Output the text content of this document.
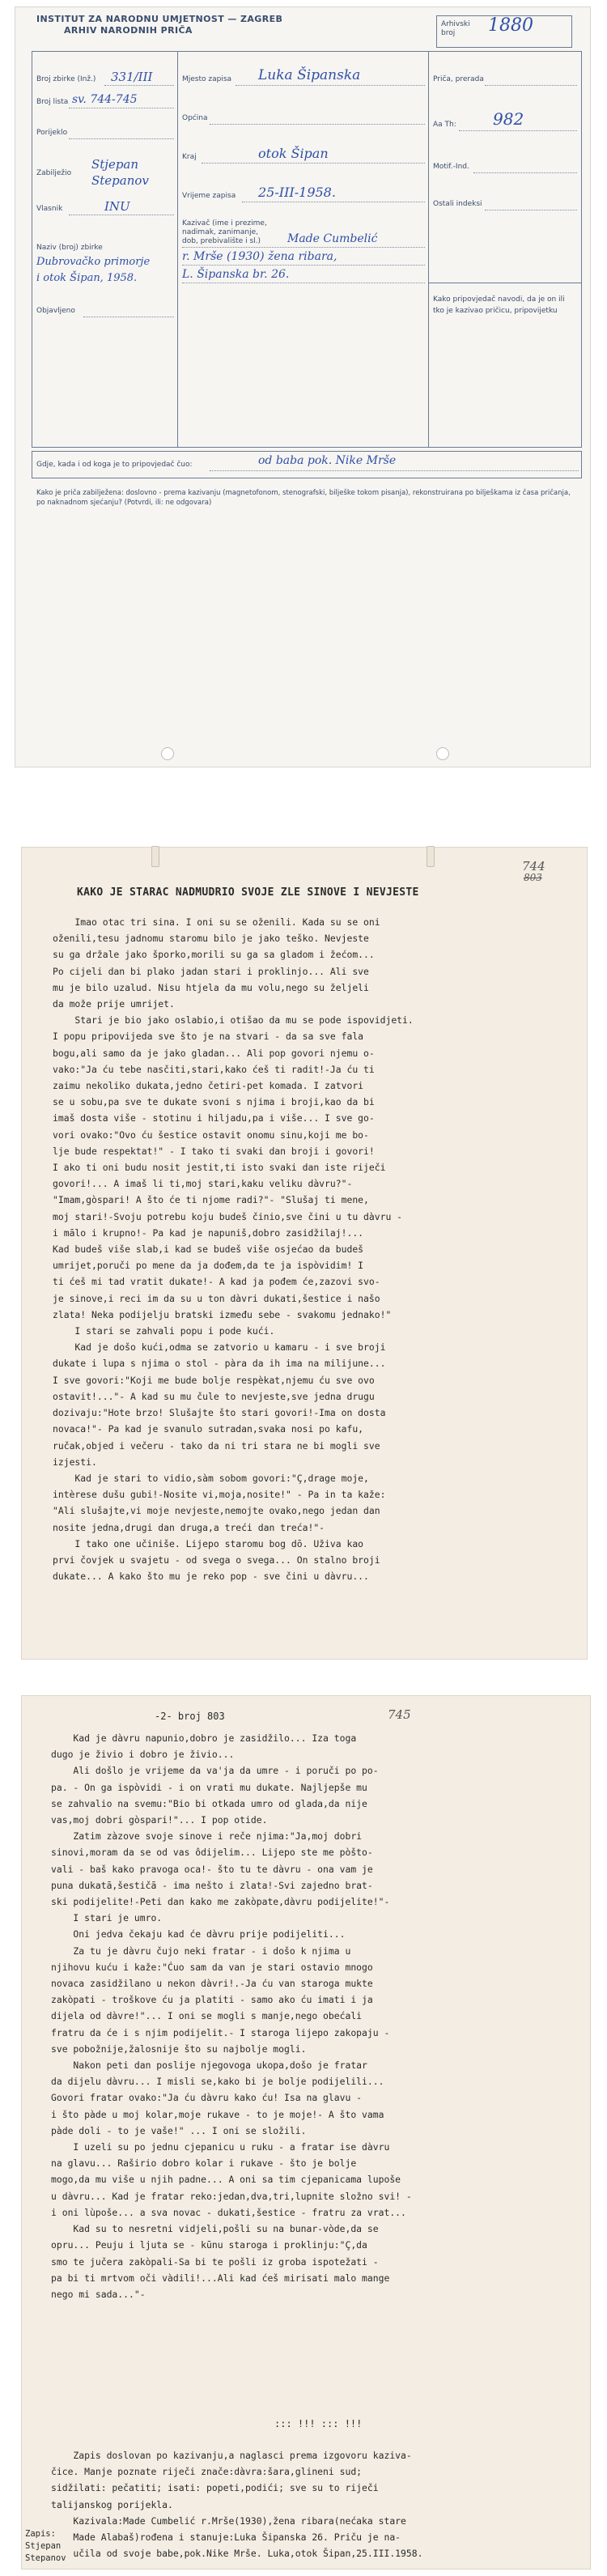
INSTITUT ZA NARODNU UMJETNOST — ZAGREB
ARHIV NARODNIH PRIČA
Arhivski broj	1880
Broj zbirke (Inž.) 331/III
Broj lista sv. 744-745
Porijeklo
Zabilježio
Stjepan
Stepanov
Vlasnik	INU
Naziv (broj) zbirke
Dubrovačko primorje
i otok Šipan, 1958.
Objavljeno
Mjesto zapisa Luka Šipanska
Općina
Kraj	otok Šipan
Vrijeme zapisa 25-III-1958.
Kazivač (ime i prezime, nadimak, zanimanje, dob, prebivalište i sl.)	Made Cumbelić
r. Mrše (1930) žena ribara,
L. Šipanska br. 26.
Priča, prerada
Aa Th: 982
Motif.-Ind.
Ostali indeksi
Kako pripovjedač navodi, da je on ili tko je kazivao pričicu, pripovijetku
Gdje, kada i od koga je to pripovjedač čuo:	od baba pok. Nike Mrše
Kako je priča zabilježena: doslovno - prema kazivanju (magnetofonom, stenografski, bilješke tokom pisanja), rekonstruirana po bilješkama iz časa pričanja, po naknadnom sjećanju? (Potvrdi, ili: ne odgovara)
744
803
KAKO JE STARAC NADMUDRIO SVOJE ZLE SINOVE I NEVJESTE
Imao otac tri sina. I oni su se oženili. Kada su se oni
oženili,tesu jadnomu staromu bilo je jako teško. Nevjeste
su ga držale jako šporko,morili su ga sa gladom i žećom...
Po cijeli dan bi plako jadan stari i proklinjo... Ali sve
mu je bilo uzalud. Nisu htjela da mu volu,nego su željeli
da može prije umrijet.
Stari je bio jako oslabio,i otišao da mu se pode ispovidjeti.
I popu pripovijeda sve što je na stvari - da sa sve fala
bogu,ali samo da je jako gladan... Ali pop govori njemu o-
vako:"Ja ću tebe nasčiti,stari,kako ćeš ti radit!-Ja ću ti
zaimu nekoliko dukata,jedno četiri-pet komada. I zatvori
se u sobu,pa sve te dukate svoni s njima i broji,kao da bi
imaš dosta više - stotinu i hiljadu,pa i više... I sve go-
vori ovako:"Ovo ću šestice ostavit onomu sinu,koji me bo-
lje bude respektat!" - I tako ti svaki dan broji i govori!
I ako ti oni budu nosit jestit,ti isto svaki dan iste riječi
govori!... A imaš li ti,moj stari,kaku veliku dàvru?"-
"Imam,gòspari! A što će ti njome radi?"- "Slušaj ti mene,
moj stari!-Svoju potrebu koju budeš činio,sve čini u tu dàvru -
i mālo i krupno!- Pa kad je napuniš,dobro zasidžilaj!...
Kad budeš više slab,i kad se budeš više osjećao da budeš
umrijet,poruči po mene da ja dođem,da te ja ispòvidim! I
ti ćeš mi tad vratit dukate!- A kad ja pođem će,zazovi svo-
je sinove,i reci im da su u ton dàvri dukati,šestice i našo
zlata! Neka podijelju bratski između sebe - svakomu jednako!"
I stari se zahvali popu i pode kući.
Kad je došo kući,odma se zatvorio u kamaru - i sve broji
dukate i lupa s njima o stol - pàra da ih ima na milijune...
I sve govori:"Koji me bude bolje respèkat,njemu ću sve ovo
ostavit!..."- A kad su mu čule to nevjeste,sve jedna drugu
dozivaju:"Hote brzo! Slušajte što stari govori!-Ima on dosta
novaca!"- Pa kad je svanulo sutradan,svaka nosi po kafu,
ručak,objed i večeru - tako da ni tri stara ne bi mogli sve
izjesti.
Kad je stari to vidio,sàm sobom govori:"Ç,drage moje,
intèrese dušu gubi!-Nosite vi,moja,nosite!" - Pa in ta kaže:
"Ali slušajte,vi moje nevjeste,nemojte ovako,nego jedan dan
nosite jedna,drugi dan druga,a treći dan treća!"-
I tako one učiniše. Lijepo staromu bog dō. Uživa kao
prvi čovjek u svajetu - od svega o svega... On stalno broji
dukate... A kako što mu je reko pop - sve čini u dàvru...
-2- broj 803	745
Kad je dàvru napunio,dobro je zasidžilo... Iza toga
dugo je živio i dobro je živio...
Ali došlo je vrijeme da va'ja da umre - i poruči po po-
pa. - On ga ispòvidi - i on vrati mu dukate. Najljepše mu
se zahvalio na svemu:"Bio bi otkada umro od glada,da nije
vas,moj dobri gòspari!"... I pop otide.
Zatim zàzove svoje sinove i reče njima:"Ja,moj dobri
sinovi,moram da se od vas ôdijelim... Lijepo ste me pòšto-
vali - baš kako pravoga oca!- što tu te dàvru - ona vam je
puna dukatā,šestičā - ima nešto i zlata!-Svi zajedno brat-
ski podijelite!-Peti dan kako me zakòpate,dàvru podijelite!"-
I stari je umro.
Oni jedva čekaju kad će dàvru prije podijeliti...
Za tu je dàvru čujo neki fratar - i došo k njima u
njihovu kuću i kaže:"Ćuo sam da van je stari ostavio mnogo
novaca zasidžilano u nekon dàvri!.-Ja ću van staroga mukte
zakòpati - troškove ću ja platiti - samo ako ću imati i ja
dijela od dàvre!"... I oni se mogli s manje,nego obećali
fratru da će i s njim podijelit.- I staroga lijepo zakopaju -
sve pobožnije,žalosnije što su najbolje mogli.
Nakon peti dan poslije njegovoga ukopa,došo je fratar
da dijelu dàvru... I misli se,kako bi je bolje podijelili...
Govori fratar ovako:"Ja ću dàvru kako ću! Isa na glavu -
i što pàde u moj kolar,moje rukave - to je moje!- A što vama
pàde doli - to je vaše!" ... I oni se složili.
I uzeli su po jednu cjepanicu u ruku - a fratar ise dàvru
na glavu... Raširio dobro kolar i rukave - što je bolje
mogo,da mu više u njih padne... A oni sa tim cjepanicama lupoše
u dàvru... Kad je fratar reko:jedan,dva,tri,lupnite složno svi! -
i oni lùpoše... a sva novac - dukati,šestice - fratru za vrat...
Kad su to nesretni vidjeli,pošli su na bunar-vòde,da se
opru... Peuju i ljuta se - kūnu staroga i proklinju:"Ç,da
smo te jučera zakòpali-Sa bi te pošli iz groba ispotežati -
pa bi ti mrtvom oči vàdili!...Ali kad ćeš mirisati malo mange
nego mi sada..."-
::: !!! ::: !!!
Zapis doslovan po kazivanju,a naglasci prema izgovoru kaziva-
čice. Manje poznate riječi znače:dàvra:šara,glineni sud;
sidžilati: pečatiti; isati: popeti,podići; sve su to riječi
talijanskog porijekla.
Kazivala:Made Cumbelić r.Mrše(1930),žena ribara(nećaka stare
Made Alabaš)rođena i stanuje:Luka Šipanska 26. Priču je na-
učila od svoje babe,pok.Nike Mrše. Luka,otok Šipan,25.III.1958.
Zapis:
Stjepan
Stepanov
